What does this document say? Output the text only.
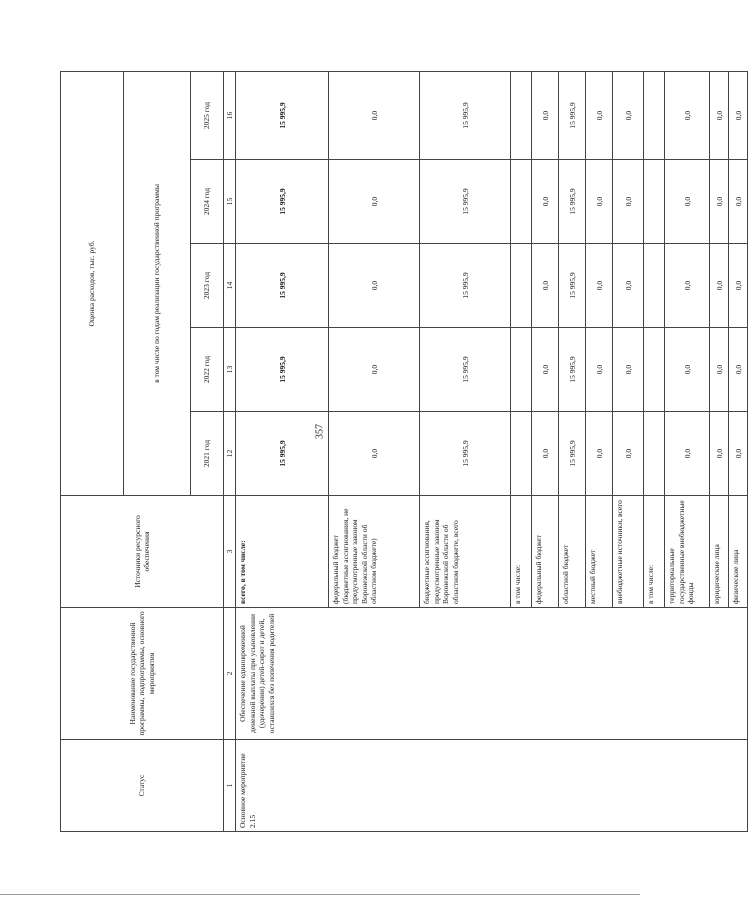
357
Статус	Наименование государственной программы, подпрограммы, основного мероприятия	Источники ресурсного обеспечения	Оценка расходов, тыс. руб.				
			в том числе по годам реализации государственной программы				
			2021 год	2022 год	2023 год	2024 год	2025 год
1	2	3	12	13	14	15	16
Основное мероприятие 2.15	Обеспечение единовременной денежной выплаты при усыновлении (удочерении) детей-сирот и детей, оставшихся без попечения родителей	всего, в том числе:	15 995,9	15 995,9	15 995,9	15 995,9	15 995,9
		федеральный бюджет (бюджетные ассигнования, не предусмотренные законом Воронежской области об областном бюджете)	0,0	0,0	0,0	0,0	0,0
		бюджетные ассигнования, предусмотренные законом Воронежской области об областном бюджете, всего	15 995,9	15 995,9	15 995,9	15 995,9	15 995,9
		в том числе:					
		федеральный бюджет	0,0	0,0	0,0	0,0	0,0
		областной бюджет	15 995,9	15 995,9	15 995,9	15 995,9	15 995,9
		местный бюджет	0,0	0,0	0,0	0,0	0,0
		внебюджетные источники, всего	0,0	0,0	0,0	0,0	0,0
		в том числе:					
		территориальные государственные внебюджетные фонды	0,0	0,0	0,0	0,0	0,0
		юридические лица	0,0	0,0	0,0	0,0	0,0
		физические лица	0,0	0,0	0,0	0,0	0,0
